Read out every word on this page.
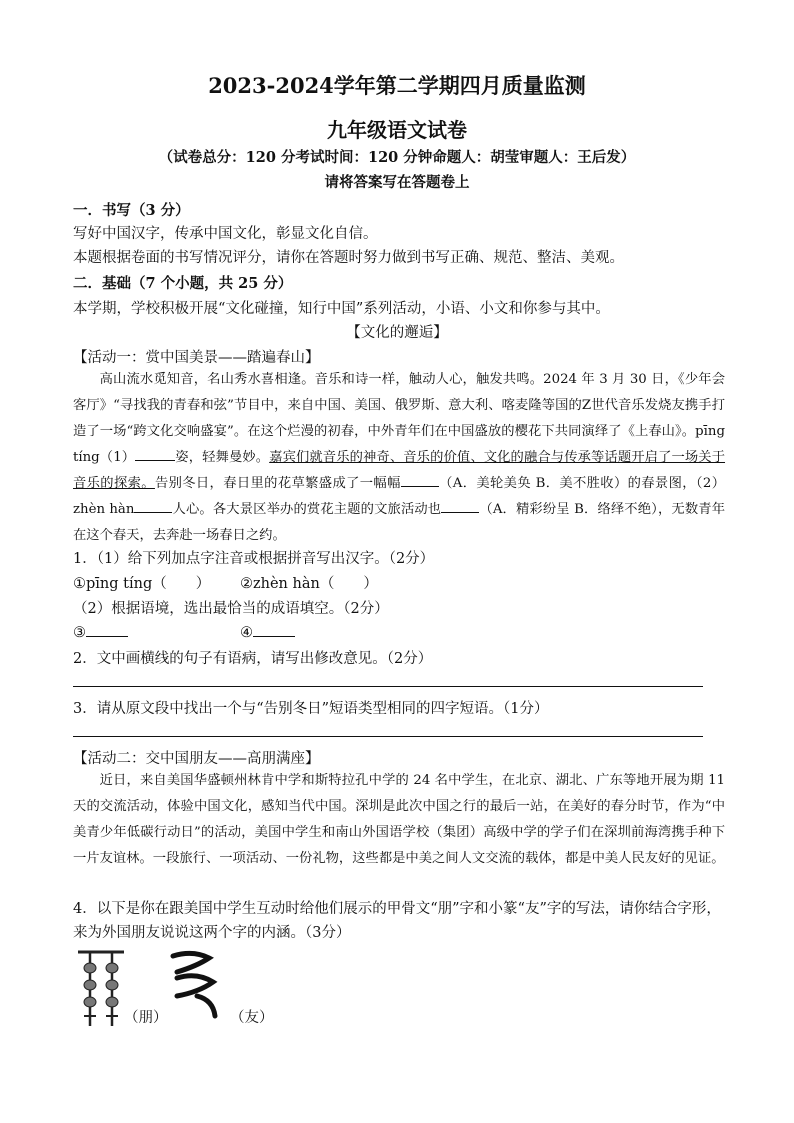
2023-2024学年第二学期四月质量监测
九年级语文试卷
（试卷总分：120 分考试时间：120 分钟命题人：胡莹审题人：王后发）
请将答案写在答题卷上
一．书写（3 分）
写好中国汉字，传承中国文化，彰显文化自信。
本题根据卷面的书写情况评分，请你在答题时努力做到书写正确、规范、整洁、美观。
二．基础（7 个小题，共 25 分）
本学期，学校积极开展“文化碰撞，知行中国”系列活动，小语、小文和你参与其中。
【文化的邂逅】
【活动一：赏中国美景——踏遍春山】
高山流水觅知音，名山秀水喜相逢。音乐和诗一样，触动人心，触发共鸣。2024 年 3 月 30 日，《少年会客厅》“寻找我的青春和弦”节目中，来自中国、美国、俄罗斯、意大利、喀麦隆等国的Z世代音乐发烧友携手打造了一场“跨文化交响盛宴”。在这个烂漫的初春，中外青年们在中国盛放的樱花下共同演绎了《上春山》。pīng tíng（1）	姿，轻舞曼妙。嘉宾们就音乐的神奇、音乐的价值、文化的融合与传承等话题开启了一场关于音乐的探索。告别冬日，春日里的花草繁盛成了一幅幅	（A．美轮美奂 B．美不胜收）的春景图，（2）zhèn hàn	人心。各大景区举办的赏花主题的文旅活动也	（A．精彩纷呈 B．络绎不绝），无数青年在这个春天，去奔赴一场春日之约。
1．（1）给下列加点字注音或根据拼音写出汉字。（2分）
①pīng tíng（　　） ②zhèn hàn（　　）
（2）根据语境，选出最恰当的成语填空。（2分）
③	④
2．文中画横线的句子有语病，请写出修改意见。（2分）
3．请从原文段中找出一个与“告别冬日”短语类型相同的四字短语。（1分）
【活动二：交中国朋友——高朋满座】
近日，来自美国华盛顿州林肯中学和斯特拉孔中学的 24 名中学生，在北京、湖北、广东等地开展为期 11 天的交流活动，体验中国文化，感知当代中国。深圳是此次中国之行的最后一站，在美好的春分时节，作为“中美青少年低碳行动日”的活动，美国中学生和南山外国语学校（集团）高级中学的学子们在深圳前海湾携手种下一片友谊林。一段旅行、一项活动、一份礼物，这些都是中美之间人文交流的载体，都是中美人民友好的见证。
4．以下是你在跟美国中学生互动时给他们展示的甲骨文“朋”字和小篆“友”字的写法，请你结合字形，
来为外国朋友说说这两个字的内涵。（3分）
（朋）	（友）
